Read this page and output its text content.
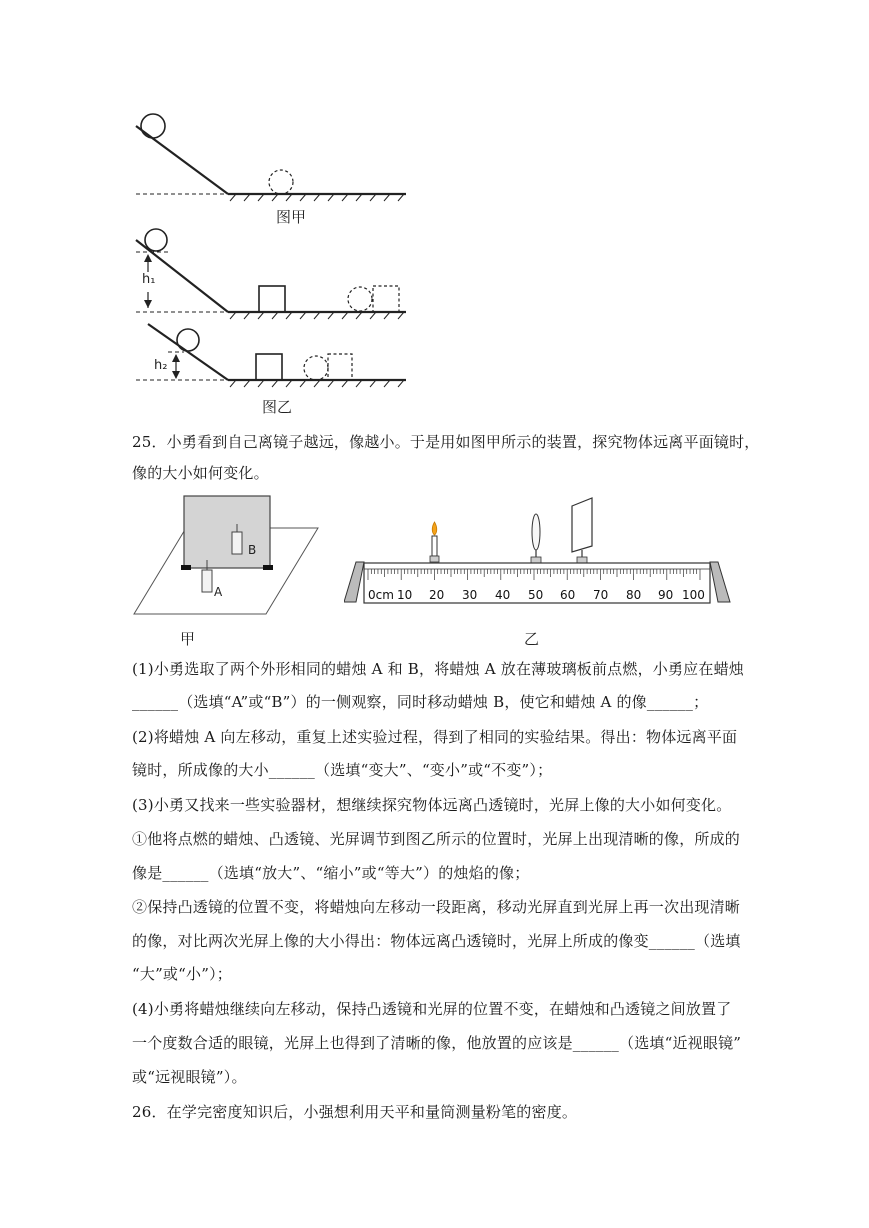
图甲
h₁
h₂
图乙
25．小勇看到自己离镜子越远，像越小。于是用如图甲所示的装置，探究物体远离平面镜时，
像的大小如何变化。
A
B
0cm 10 20 30 40 50 60 70 80 90 100
甲	乙
(1)小勇选取了两个外形相同的蜡烛 A 和 B，将蜡烛 A 放在薄玻璃板前点燃，小勇应在蜡烛
______（选填“A”或“B”）的一侧观察，同时移动蜡烛 B，使它和蜡烛 A 的像______；
(2)将蜡烛 A 向左移动，重复上述实验过程，得到了相同的实验结果。得出：物体远离平面
镜时，所成像的大小______（选填“变大”、“变小”或“不变”）；
(3)小勇又找来一些实验器材，想继续探究物体远离凸透镜时，光屏上像的大小如何变化。
①他将点燃的蜡烛、凸透镜、光屏调节到图乙所示的位置时，光屏上出现清晰的像，所成的
像是______（选填“放大”、“缩小”或“等大”）的烛焰的像；
②保持凸透镜的位置不变，将蜡烛向左移动一段距离，移动光屏直到光屏上再一次出现清晰
的像，对比两次光屏上像的大小得出：物体远离凸透镜时，光屏上所成的像变______（选填
“大”或“小”）；
(4)小勇将蜡烛继续向左移动，保持凸透镜和光屏的位置不变，在蜡烛和凸透镜之间放置了
一个度数合适的眼镜，光屏上也得到了清晰的像，他放置的应该是______（选填“近视眼镜”
或“远视眼镜”）。
26．在学完密度知识后，小强想利用天平和量筒测量粉笔的密度。
